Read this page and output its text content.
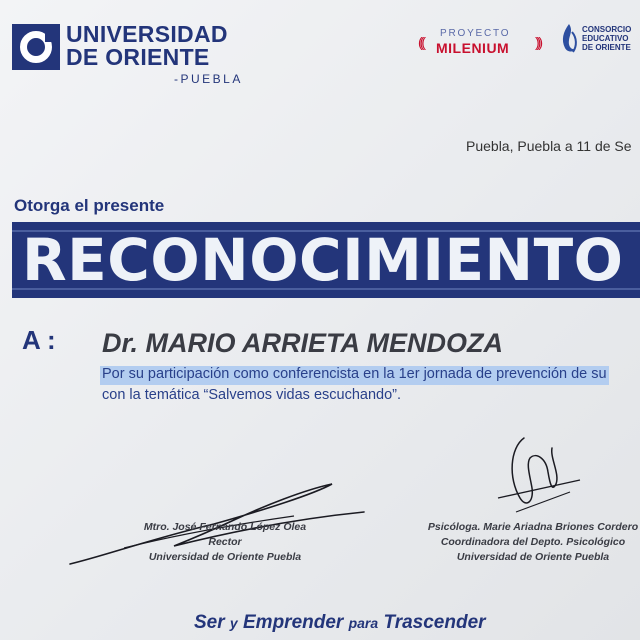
UNIVERSIDAD
DE ORIENTE
-PUEBLA
(((
PROYECTO
MILENIUM )))
CONSORCIO
EDUCATIVO
DE ORIENTE
Puebla, Puebla a 11 de Se
Otorga el presente
RECONOCIMIENTO
A : Dr. MARIO ARRIETA MENDOZA
Por su participación como conferencista en la 1er jornada de prevención de su
con la temática “Salvemos vidas escuchando”.
Mtro. José Fernando López Olea
Rector
Universidad de Oriente Puebla
Psicóloga. Marie Ariadna Briones Cordero
Coordinadora del Depto. Psicológico
Universidad de Oriente Puebla
Ser y Emprender para Trascender
